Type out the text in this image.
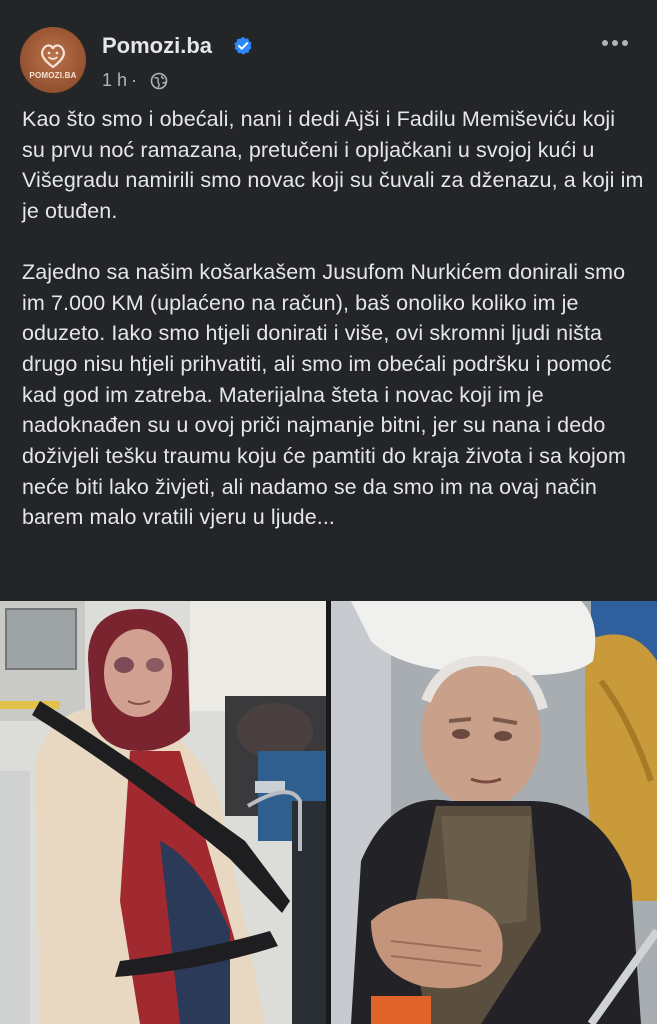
POMOZI.BA
Pomozi.ba
1 h ·

Kao što smo i obećali, nani i dedi Ajši i Fadilu Memiševiću koji su prvu noć ramazana, pretučeni i opljačkani u svojoj kući u Višegradu namirili smo novac koji su čuvali za dženazu, a koji im je otuđen.

Zajedno sa našim košarkašem Jusufom Nurkićem donirali smo im 7.000 KM (uplaćeno na račun), baš onoliko koliko im je oduzeto. Iako smo htjeli donirati i više, ovi skromni ljudi ništa drugo nisu htjeli prihvatiti, ali smo im obećali podršku i pomoć kad god im zatreba. Materijalna šteta i novac koji im je nadoknađen su u ovoj priči najmanje bitni, jer su nana i dedo doživjeli tešku traumu koju će pamtiti do kraja života i sa kojom neće biti lako živjeti, ali nadamo se da smo im na ovaj način barem malo vratili vjeru u ljude...
